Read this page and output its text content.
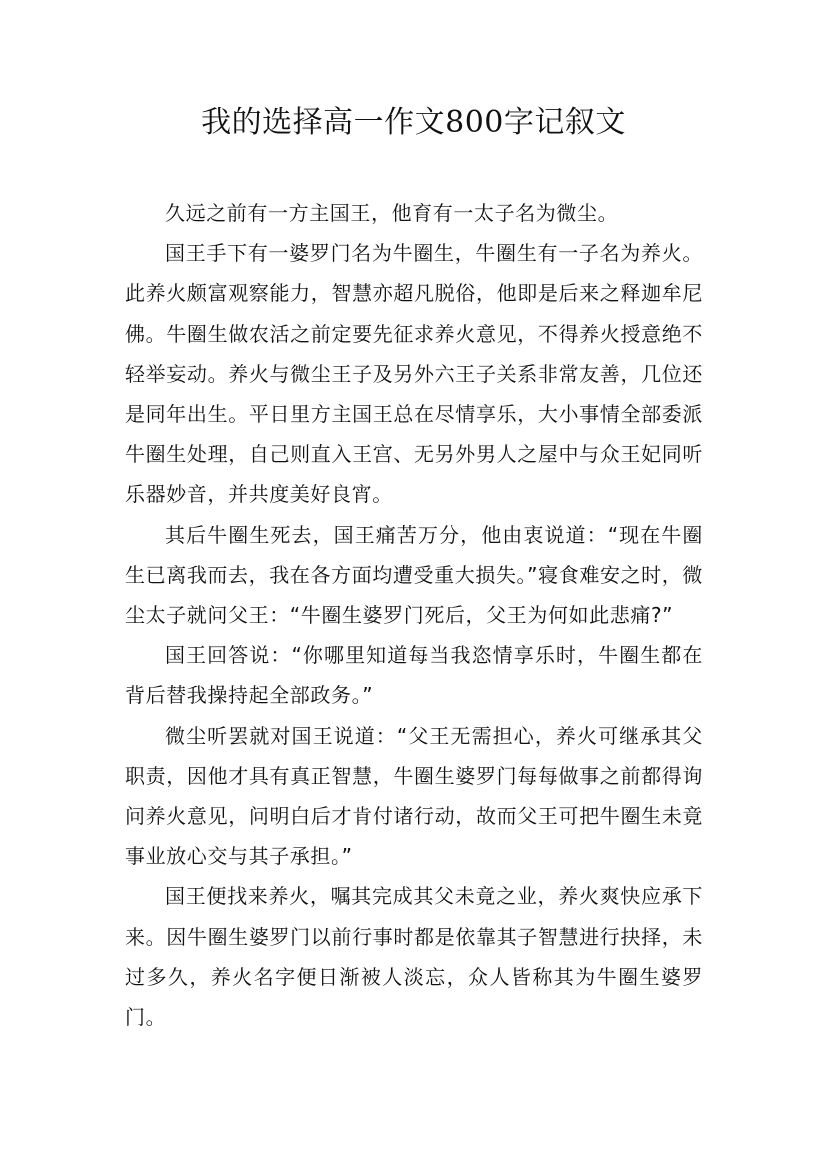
我的选择高一作文800字记叙文

久远之前有一方主国王，他育有一太子名为微尘。

国王手下有一婆罗门名为牛圈生，牛圈生有一子名为养火。此养火颇富观察能力，智慧亦超凡脱俗，他即是后来之释迦牟尼佛。牛圈生做农活之前定要先征求养火意见，不得养火授意绝不轻举妄动。养火与微尘王子及另外六王子关系非常友善，几位还是同年出生。平日里方主国王总在尽情享乐，大小事情全部委派牛圈生处理，自己则直入王宫、无另外男人之屋中与众王妃同听乐器妙音，并共度美好良宵。

其后牛圈生死去，国王痛苦万分，他由衷说道：“现在牛圈生已离我而去，我在各方面均遭受重大损失。”寝食难安之时，微尘太子就问父王：“牛圈生婆罗门死后，父王为何如此悲痛?”

国王回答说：“你哪里知道每当我恣情享乐时，牛圈生都在背后替我操持起全部政务。”

微尘听罢就对国王说道：“父王无需担心，养火可继承其父职责，因他才具有真正智慧，牛圈生婆罗门每每做事之前都得询问养火意见，问明白后才肯付诸行动，故而父王可把牛圈生未竟事业放心交与其子承担。”

国王便找来养火，嘱其完成其父未竟之业，养火爽快应承下来。因牛圈生婆罗门以前行事时都是依靠其子智慧进行抉择，未过多久，养火名字便日渐被人淡忘，众人皆称其为牛圈生婆罗门。
